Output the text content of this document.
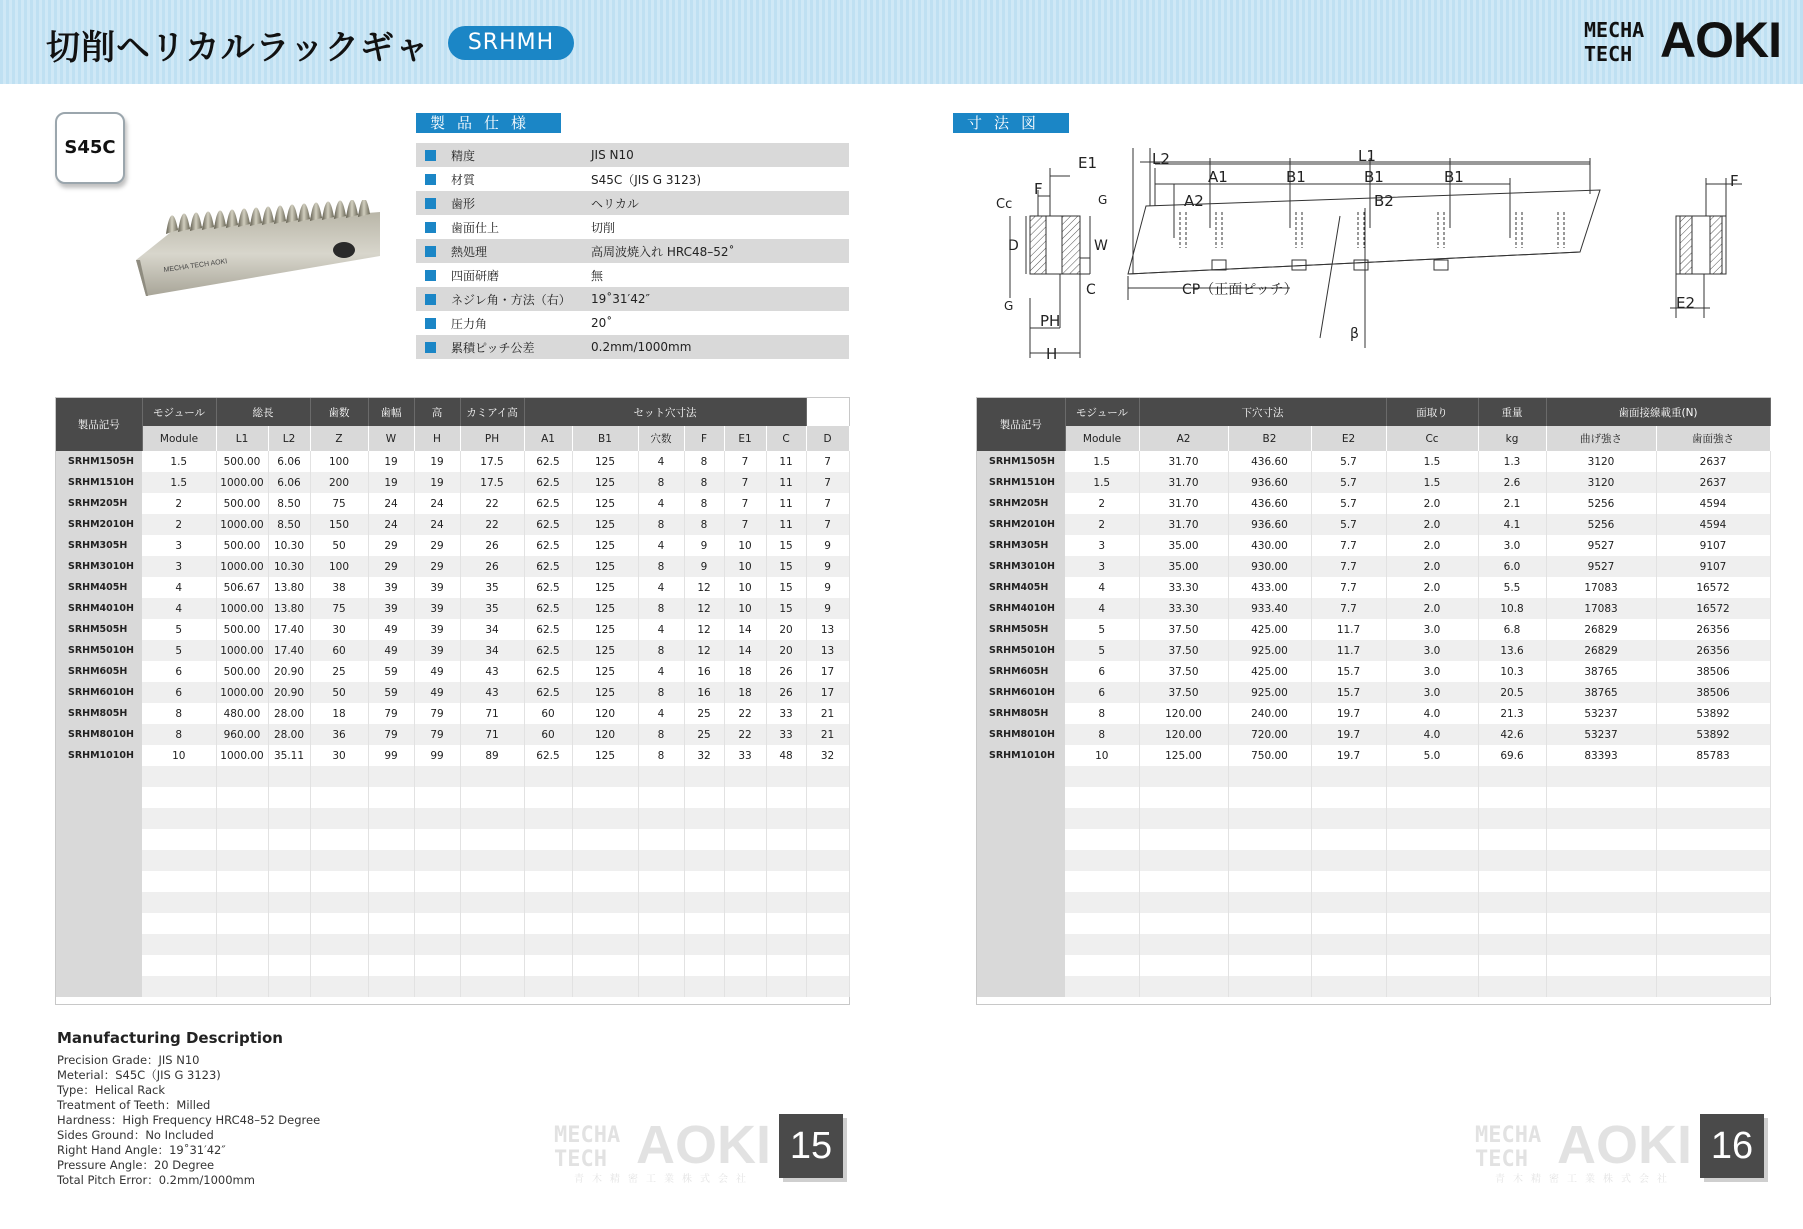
切削ヘリカルラックギャ	SRHMH	MECHA
TECH AOKI
S45C
MECHA TECH AOKI
製品仕様
精度	JIS N10
材質	S45C（JIS G 3123)
歯形	ヘリカル
歯面仕上	切削
熱処理	高周波焼入れ HRC48–52˚
四面研磨	無
ネジレ角・方法（右）	19˚31′42″
圧力角	20˚
累積ピッチ公差	0.2mm/1000mm
寸法図
E1
F
Cc	G
D	W
C
G
PH
H
L2	L1
A1	B1	B1	B1
A2	B2
CP（正面ピッチ）
β
F
E2
製品記号	モジュール	総長		歯数	歯幅	高	カミアイ高	セット穴寸法						
	Module	L1	L2	Z	W	H	PH	A1	B1	穴数	F	E1	C	D
SRHM1505H	1.5	500.00	6.06	100	19	19	17.5	62.5	125	4	8	7	11	7
SRHM1510H	1.5	1000.00	6.06	200	19	19	17.5	62.5	125	8	8	7	11	7
SRHM205H	2	500.00	8.50	75	24	24	22	62.5	125	4	8	7	11	7
SRHM2010H	2	1000.00	8.50	150	24	24	22	62.5	125	8	8	7	11	7
SRHM305H	3	500.00	10.30	50	29	29	26	62.5	125	4	9	10	15	9
SRHM3010H	3	1000.00	10.30	100	29	29	26	62.5	125	8	9	10	15	9
SRHM405H	4	506.67	13.80	38	39	39	35	62.5	125	4	12	10	15	9
SRHM4010H	4	1000.00	13.80	75	39	39	35	62.5	125	8	12	10	15	9
SRHM505H	5	500.00	17.40	30	49	39	34	62.5	125	4	12	14	20	13
SRHM5010H	5	1000.00	17.40	60	49	39	34	62.5	125	8	12	14	20	13
SRHM605H	6	500.00	20.90	25	59	49	43	62.5	125	4	16	18	26	17
SRHM6010H	6	1000.00	20.90	50	59	49	43	62.5	125	8	16	18	26	17
SRHM805H	8	480.00	28.00	18	79	79	71	60	120	4	25	22	33	21
SRHM8010H	8	960.00	28.00	36	79	79	71	60	120	8	25	22	33	21
SRHM1010H	10	1000.00	35.11	30	99	99	89	62.5	125	8	32	33	48	32

製品記号	モジュール	下穴寸法			面取り	重量	歯面接線載重(N)	
	Module	A2	B2	E2	Cc	kg	曲げ強さ	歯面強さ
SRHM1505H	1.5	31.70	436.60	5.7	1.5	1.3	3120	2637
SRHM1510H	1.5	31.70	936.60	5.7	1.5	2.6	3120	2637
SRHM205H	2	31.70	436.60	5.7	2.0	2.1	5256	4594
SRHM2010H	2	31.70	936.60	5.7	2.0	4.1	5256	4594
SRHM305H	3	35.00	430.00	7.7	2.0	3.0	9527	9107
SRHM3010H	3	35.00	930.00	7.7	2.0	6.0	9527	9107
SRHM405H	4	33.30	433.00	7.7	2.0	5.5	17083	16572
SRHM4010H	4	33.30	933.40	7.7	2.0	10.8	17083	16572
SRHM505H	5	37.50	425.00	11.7	3.0	6.8	26829	26356
SRHM5010H	5	37.50	925.00	11.7	3.0	13.6	26829	26356
SRHM605H	6	37.50	425.00	15.7	3.0	10.3	38765	38506
SRHM6010H	6	37.50	925.00	15.7	3.0	20.5	38765	38506
SRHM805H	8	120.00	240.00	19.7	4.0	21.3	53237	53892
SRHM8010H	8	120.00	720.00	19.7	4.0	42.6	53237	53892
SRHM1010H	10	125.00	750.00	19.7	5.0	69.6	83393	85783

Manufacturing Description
Precision Grade：JIS N10
Meterial：S45C（JIS G 3123)
Type：Helical Rack
Treatment of Teeth：Milled
Hardness：High Frequency HRC48–52 Degree
Sides Ground：No Included
Right Hand Angle：19˚31′42″
Pressure Angle：20 Degree
Total Pitch Error：0.2mm/1000mm
MECHA
TECH AOKI
青木精密工業株式会社
15	MECHA
TECH AOKI
青木精密工業株式会社
16
